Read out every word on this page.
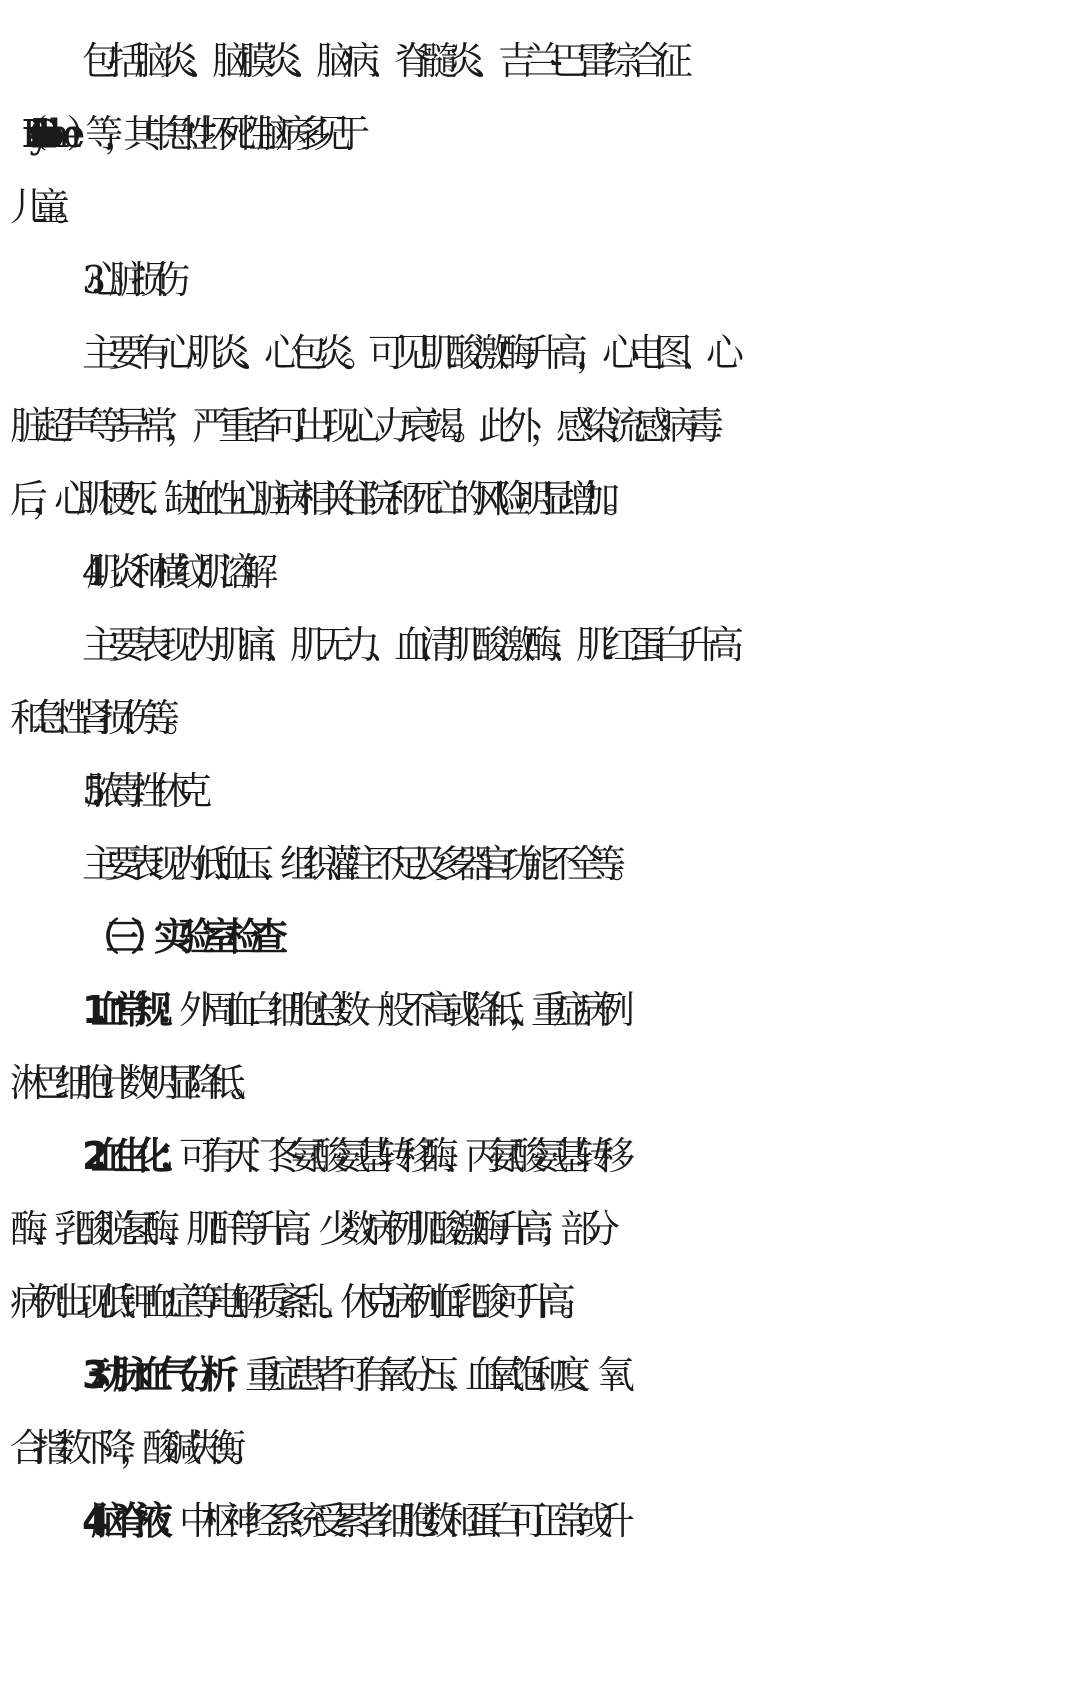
包括脑炎、脑膜炎、脑病、脊髓炎、吉兰-巴雷综合征
（Guillain-Barre syndrome）等，其中急性坏死性脑病多见于
儿童。
3.心脏损伤
主要有心肌炎、心包炎。可见肌酸激酶升高，心电图、心
脏超声等异常，严重者可出现心力衰竭。此外，感染流感病毒
后，心肌梗死、缺血性心脏病相关住院和死亡的风险明显增加。
4.肌炎和横纹肌溶解
主要表现为肌痛、肌无力、血清肌酸激酶、肌红蛋白升高
和急性肾损伤等。
5.脓毒性休克
主要表现为低血压、组织灌注不足及多器官功能不全等。
（三）实验室检查
1.血常规：外周血白细胞总数一般不高或降低，重症病例
淋巴细胞计数明显降低。
2.血生化：可有天门冬氨酸氨基转移酶、丙氨酸氨基转移
酶、乳酸脱氢酶、肌酐等升高。少数病例肌酸激酶升高；部分
病例出现低钾血症等电解质紊乱。休克病例血乳酸可升高。
3.动脉血气分析：重症患者可有氧分压、血氧饱和度、氧
合指数下降，酸碱失衡。
4.脑脊液：中枢神经系统受累者细胞数和蛋白可正常或升
